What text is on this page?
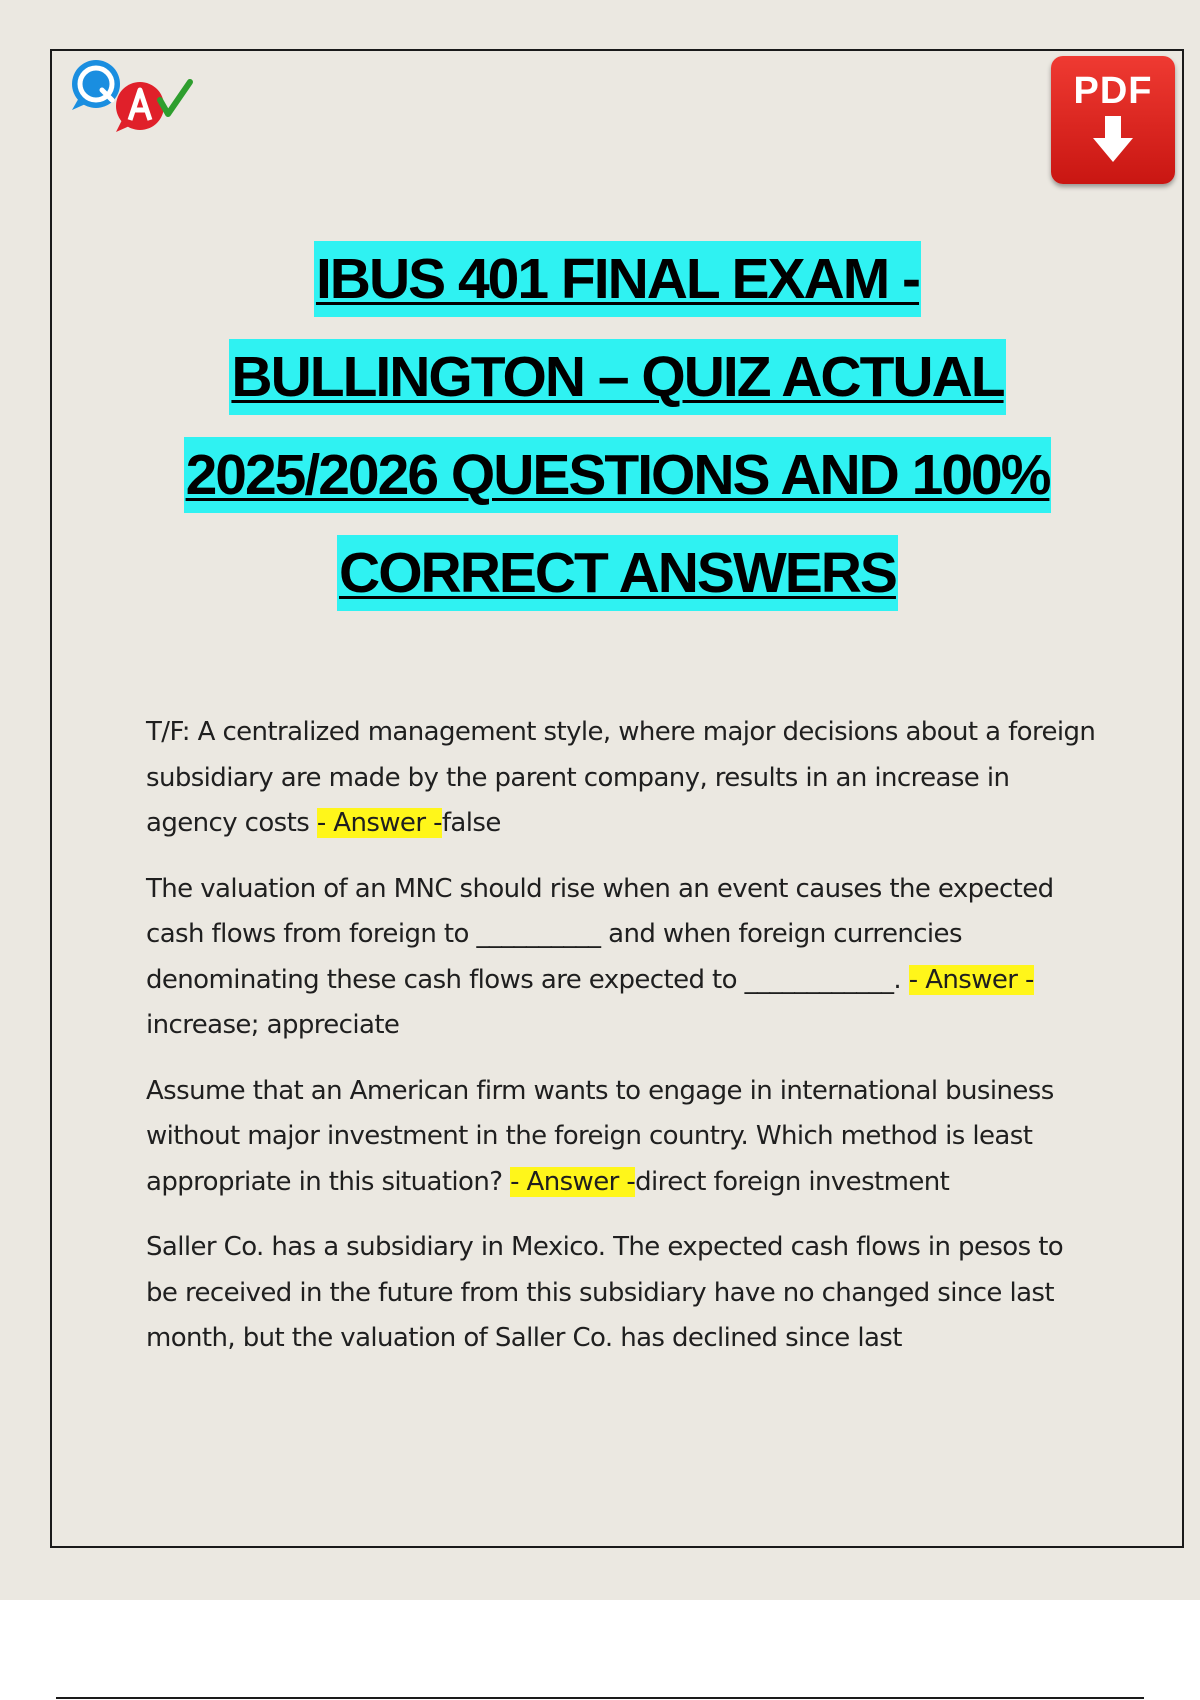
PDF

IBUS 401 FINAL EXAM -

BULLINGTON – QUIZ ACTUAL

2025/2026 QUESTIONS AND 100%

CORRECT ANSWERS

T/F: A centralized management style, where major decisions about a foreign subsidiary are made by the parent company, results in an increase in agency costs - Answer -false

The valuation of an MNC should rise when an event causes the expected cash flows from foreign to __________ and when foreign currencies denominating these cash flows are expected to ____________. - Answer -increase; appreciate

Assume that an American firm wants to engage in international business without major investment in the foreign country. Which method is least appropriate in this situation? - Answer -direct foreign investment

Saller Co. has a subsidiary in Mexico. The expected cash flows in pesos to be received in the future from this subsidiary have no changed since last month, but the valuation of Saller Co. has declined since last
